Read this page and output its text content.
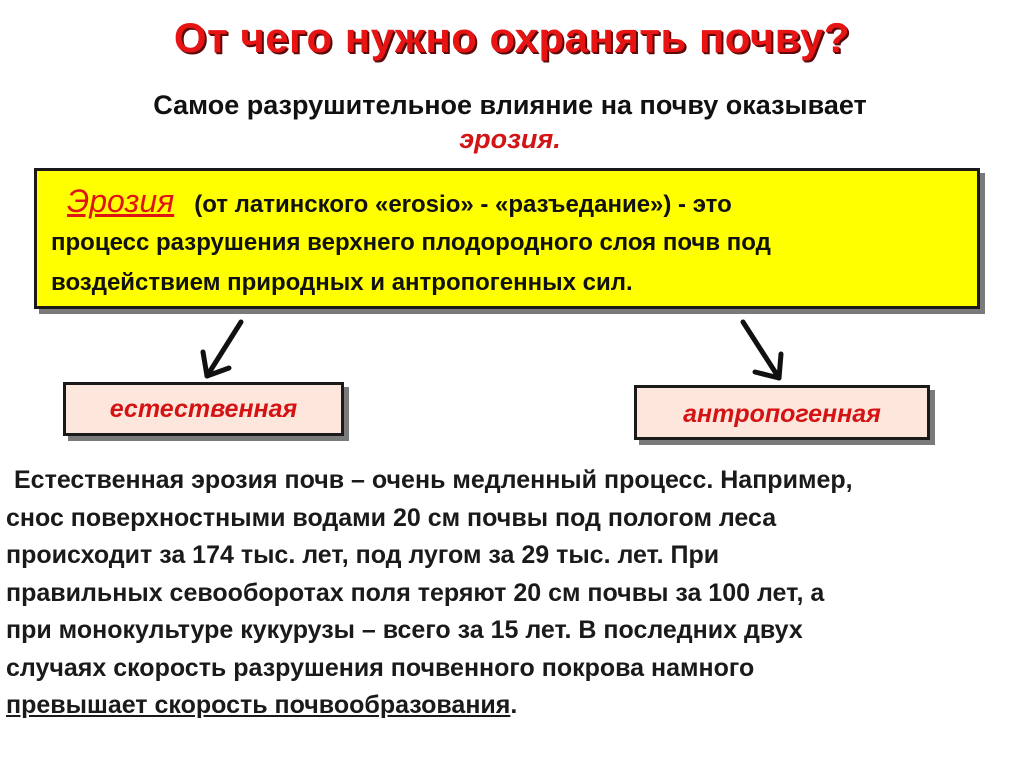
От чего нужно охранять почву?
Самое разрушительное влияние на почву оказывает
эрозия.
Эрозия (от латинского «erosio» - «разъедание») - это
процесс разрушения верхнего плодородного слоя почв под
воздействием природных и антропогенных сил.
естественная	антропогенная
Естественная эрозия почв – очень медленный процесс. Например,
снос поверхностными водами 20 см почвы под пологом леса
происходит за 174 тыс. лет, под лугом за 29 тыс. лет. При
правильных севооборотах поля теряют 20 см почвы за 100 лет, а
при монокультуре кукурузы – всего за 15 лет. В последних двух
случаях скорость разрушения почвенного покрова намного
превышает скорость почвообразования.
